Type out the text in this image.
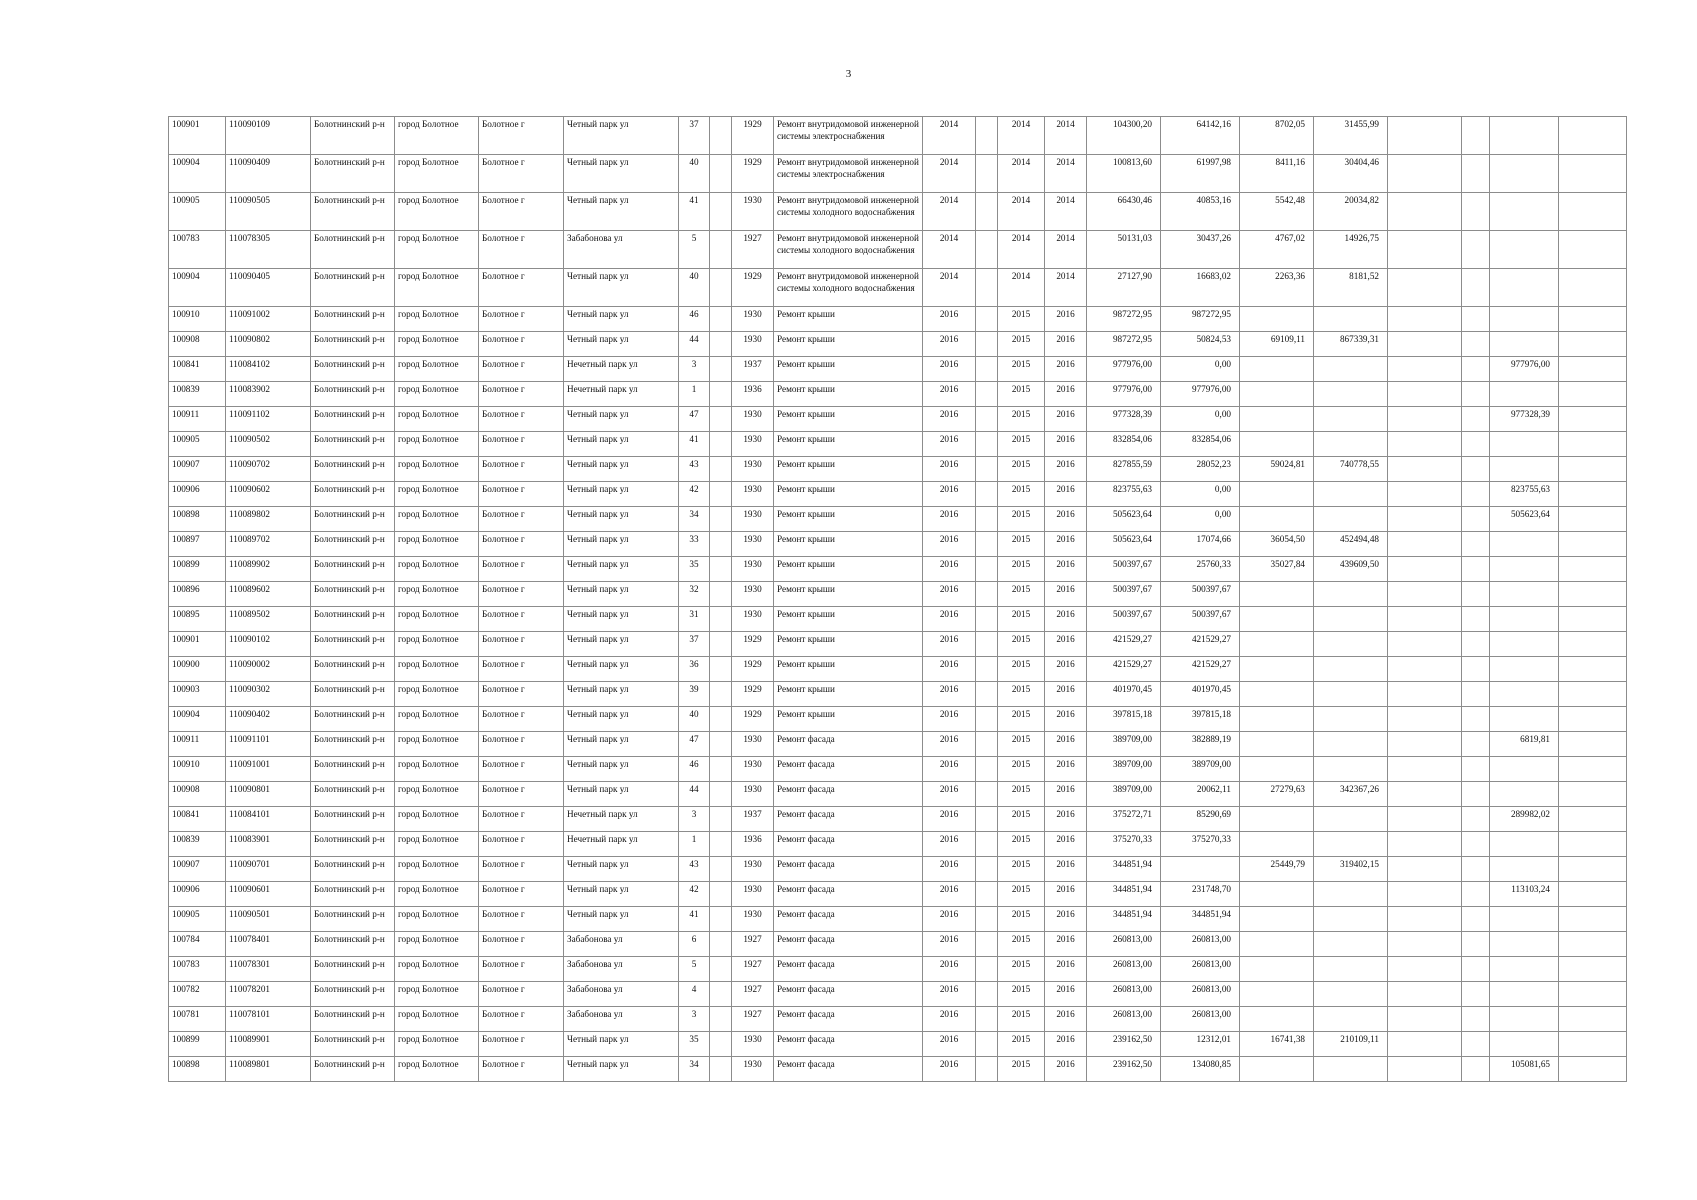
3
100901	110090109	Болотнинский р-н	город Болотное	Болотное г	Четный парк ул	37		1929	Ремонт внутридомовой инженерной системы электроснабжения	2014		2014	2014	104300,20	64142,16	8702,05	31455,99				
100904	110090409	Болотнинский р-н	город Болотное	Болотное г	Четный парк ул	40		1929	Ремонт внутридомовой инженерной системы электроснабжения	2014		2014	2014	100813,60	61997,98	8411,16	30404,46				
100905	110090505	Болотнинский р-н	город Болотное	Болотное г	Четный парк ул	41		1930	Ремонт внутридомовой инженерной системы холодного водоснабжения	2014		2014	2014	66430,46	40853,16	5542,48	20034,82				
100783	110078305	Болотнинский р-н	город Болотное	Болотное г	Забабонова ул	5		1927	Ремонт внутридомовой инженерной системы холодного водоснабжения	2014		2014	2014	50131,03	30437,26	4767,02	14926,75				
100904	110090405	Болотнинский р-н	город Болотное	Болотное г	Четный парк ул	40		1929	Ремонт внутридомовой инженерной системы холодного водоснабжения	2014		2014	2014	27127,90	16683,02	2263,36	8181,52				
100910	110091002	Болотнинский р-н	город Болотное	Болотное г	Четный парк ул	46		1930	Ремонт крыши	2016		2015	2016	987272,95	987272,95						
100908	110090802	Болотнинский р-н	город Болотное	Болотное г	Четный парк ул	44		1930	Ремонт крыши	2016		2015	2016	987272,95	50824,53	69109,11	867339,31				
100841	110084102	Болотнинский р-н	город Болотное	Болотное г	Нечетный парк ул	3		1937	Ремонт крыши	2016		2015	2016	977976,00	0,00					977976,00	
100839	110083902	Болотнинский р-н	город Болотное	Болотное г	Нечетный парк ул	1		1936	Ремонт крыши	2016		2015	2016	977976,00	977976,00						
100911	110091102	Болотнинский р-н	город Болотное	Болотное г	Четный парк ул	47		1930	Ремонт крыши	2016		2015	2016	977328,39	0,00					977328,39	
100905	110090502	Болотнинский р-н	город Болотное	Болотное г	Четный парк ул	41		1930	Ремонт крыши	2016		2015	2016	832854,06	832854,06						
100907	110090702	Болотнинский р-н	город Болотное	Болотное г	Четный парк ул	43		1930	Ремонт крыши	2016		2015	2016	827855,59	28052,23	59024,81	740778,55				
100906	110090602	Болотнинский р-н	город Болотное	Болотное г	Четный парк ул	42		1930	Ремонт крыши	2016		2015	2016	823755,63	0,00					823755,63	
100898	110089802	Болотнинский р-н	город Болотное	Болотное г	Четный парк ул	34		1930	Ремонт крыши	2016		2015	2016	505623,64	0,00					505623,64	
100897	110089702	Болотнинский р-н	город Болотное	Болотное г	Четный парк ул	33		1930	Ремонт крыши	2016		2015	2016	505623,64	17074,66	36054,50	452494,48				
100899	110089902	Болотнинский р-н	город Болотное	Болотное г	Четный парк ул	35		1930	Ремонт крыши	2016		2015	2016	500397,67	25760,33	35027,84	439609,50				
100896	110089602	Болотнинский р-н	город Болотное	Болотное г	Четный парк ул	32		1930	Ремонт крыши	2016		2015	2016	500397,67	500397,67						
100895	110089502	Болотнинский р-н	город Болотное	Болотное г	Четный парк ул	31		1930	Ремонт крыши	2016		2015	2016	500397,67	500397,67						
100901	110090102	Болотнинский р-н	город Болотное	Болотное г	Четный парк ул	37		1929	Ремонт крыши	2016		2015	2016	421529,27	421529,27						
100900	110090002	Болотнинский р-н	город Болотное	Болотное г	Четный парк ул	36		1929	Ремонт крыши	2016		2015	2016	421529,27	421529,27						
100903	110090302	Болотнинский р-н	город Болотное	Болотное г	Четный парк ул	39		1929	Ремонт крыши	2016		2015	2016	401970,45	401970,45						
100904	110090402	Болотнинский р-н	город Болотное	Болотное г	Четный парк ул	40		1929	Ремонт крыши	2016		2015	2016	397815,18	397815,18						
100911	110091101	Болотнинский р-н	город Болотное	Болотное г	Четный парк ул	47		1930	Ремонт фасада	2016		2015	2016	389709,00	382889,19					6819,81	
100910	110091001	Болотнинский р-н	город Болотное	Болотное г	Четный парк ул	46		1930	Ремонт фасада	2016		2015	2016	389709,00	389709,00						
100908	110090801	Болотнинский р-н	город Болотное	Болотное г	Четный парк ул	44		1930	Ремонт фасада	2016		2015	2016	389709,00	20062,11	27279,63	342367,26				
100841	110084101	Болотнинский р-н	город Болотное	Болотное г	Нечетный парк ул	3		1937	Ремонт фасада	2016		2015	2016	375272,71	85290,69					289982,02	
100839	110083901	Болотнинский р-н	город Болотное	Болотное г	Нечетный парк ул	1		1936	Ремонт фасада	2016		2015	2016	375270,33	375270,33						
100907	110090701	Болотнинский р-н	город Болотное	Болотное г	Четный парк ул	43		1930	Ремонт фасада	2016		2015	2016	344851,94		25449,79	319402,15				
100906	110090601	Болотнинский р-н	город Болотное	Болотное г	Четный парк ул	42		1930	Ремонт фасада	2016		2015	2016	344851,94	231748,70					113103,24	
100905	110090501	Болотнинский р-н	город Болотное	Болотное г	Четный парк ул	41		1930	Ремонт фасада	2016		2015	2016	344851,94	344851,94						
100784	110078401	Болотнинский р-н	город Болотное	Болотное г	Забабонова ул	6		1927	Ремонт фасада	2016		2015	2016	260813,00	260813,00						
100783	110078301	Болотнинский р-н	город Болотное	Болотное г	Забабонова ул	5		1927	Ремонт фасада	2016		2015	2016	260813,00	260813,00						
100782	110078201	Болотнинский р-н	город Болотное	Болотное г	Забабонова ул	4		1927	Ремонт фасада	2016		2015	2016	260813,00	260813,00						
100781	110078101	Болотнинский р-н	город Болотное	Болотное г	Забабонова ул	3		1927	Ремонт фасада	2016		2015	2016	260813,00	260813,00						
100899	110089901	Болотнинский р-н	город Болотное	Болотное г	Четный парк ул	35		1930	Ремонт фасада	2016		2015	2016	239162,50	12312,01	16741,38	210109,11				
100898	110089801	Болотнинский р-н	город Болотное	Болотное г	Четный парк ул	34		1930	Ремонт фасада	2016		2015	2016	239162,50	134080,85					105081,65	
